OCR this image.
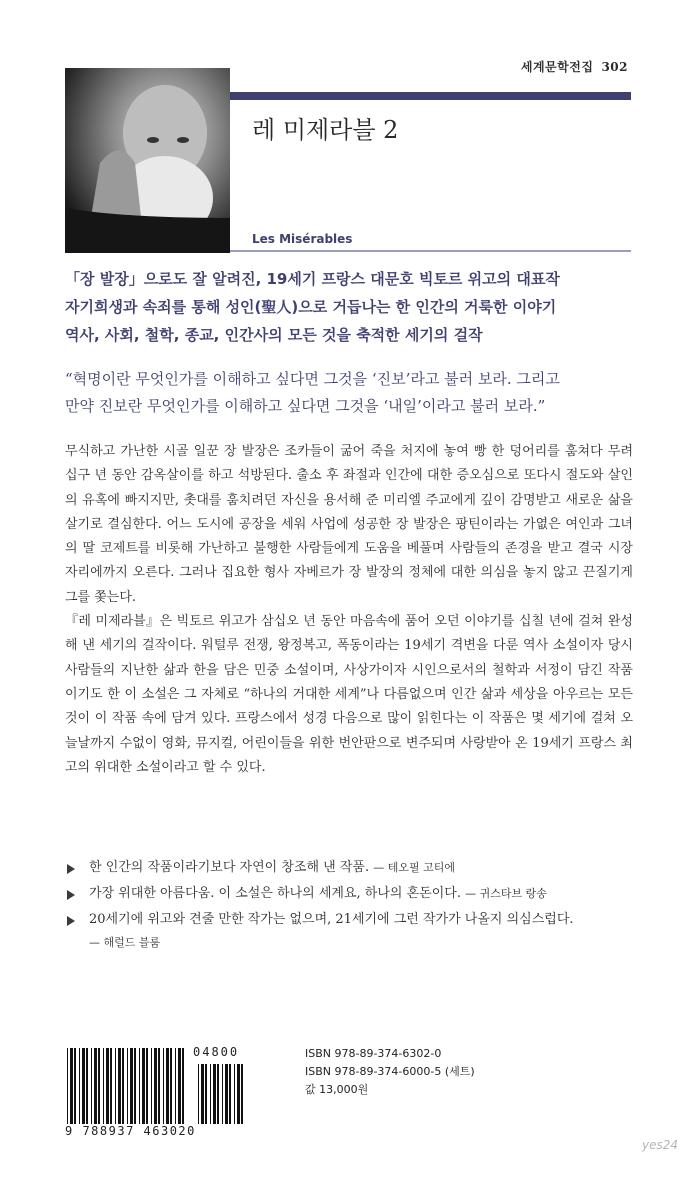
세계문학전집 302
레 미제라블 2
Les Misérables
「장 발장」으로도 잘 알려진, 19세기 프랑스 대문호 빅토르 위고의 대표작
자기희생과 속죄를 통해 성인(聖人)으로 거듭나는 한 인간의 거룩한 이야기
역사, 사회, 철학, 종교, 인간사의 모든 것을 축적한 세기의 걸작
“혁명이란 무엇인가를 이해하고 싶다면 그것을 ‘진보’라고 불러 보라. 그리고
만약 진보란 무엇인가를 이해하고 싶다면 그것을 ‘내일’이라고 불러 보라.”

무식하고 가난한 시골 일꾼 장 발장은 조카들이 굶어 죽을 처지에 놓여 빵 한 덩어리를 훔쳐다 무려 십구 년 동안 감옥살이를 하고 석방된다. 출소 후 좌절과 인간에 대한 증오심으로 또다시 절도와 살인의 유혹에 빠지지만, 촛대를 훔치려던 자신을 용서해 준 미리엘 주교에게 깊이 감명받고 새로운 삶을 살기로 결심한다. 어느 도시에 공장을 세워 사업에 성공한 장 발장은 팡틴이라는 가엾은 여인과 그녀의 딸 코제트를 비롯해 가난하고 불행한 사람들에게 도움을 베풀며 사람들의 존경을 받고 결국 시장 자리에까지 오른다. 그러나 집요한 형사 자베르가 장 발장의 정체에 대한 의심을 놓지 않고 끈질기게 그를 쫓는다.

『레 미제라블』은 빅토르 위고가 삼십오 년 동안 마음속에 품어 오던 이야기를 십칠 년에 걸쳐 완성해 낸 세기의 걸작이다. 워털루 전쟁, 왕정복고, 폭동이라는 19세기 격변을 다룬 역사 소설이자 당시 사람들의 지난한 삶과 한을 담은 민중 소설이며, 사상가이자 시인으로서의 철학과 서정이 담긴 작품이기도 한 이 소설은 그 자체로 “하나의 거대한 세계”나 다름없으며 인간 삶과 세상을 아우르는 모든 것이 이 작품 속에 담겨 있다. 프랑스에서 성경 다음으로 많이 읽힌다는 이 작품은 몇 세기에 걸쳐 오늘날까지 수없이 영화, 뮤지컬, 어린이들을 위한 번안판으로 변주되며 사랑받아 온 19세기 프랑스 최고의 위대한 소설이라고 할 수 있다.

한 인간의 작품이라기보다 자연이 창조해 낸 작품. — 테오필 고티에
가장 위대한 아름다움. 이 소설은 하나의 세계요, 하나의 혼돈이다. — 귀스타브 랑송
20세기에 위고와 견줄 만한 작가는 없으며, 21세기에 그런 작가가 나올지 의심스럽다.
— 해럴드 블룸
04800
9 788937 463020
ISBN 978-89-374-6302-0
ISBN 978-89-374-6000-5 (세트)
값 13,000원
yes24
